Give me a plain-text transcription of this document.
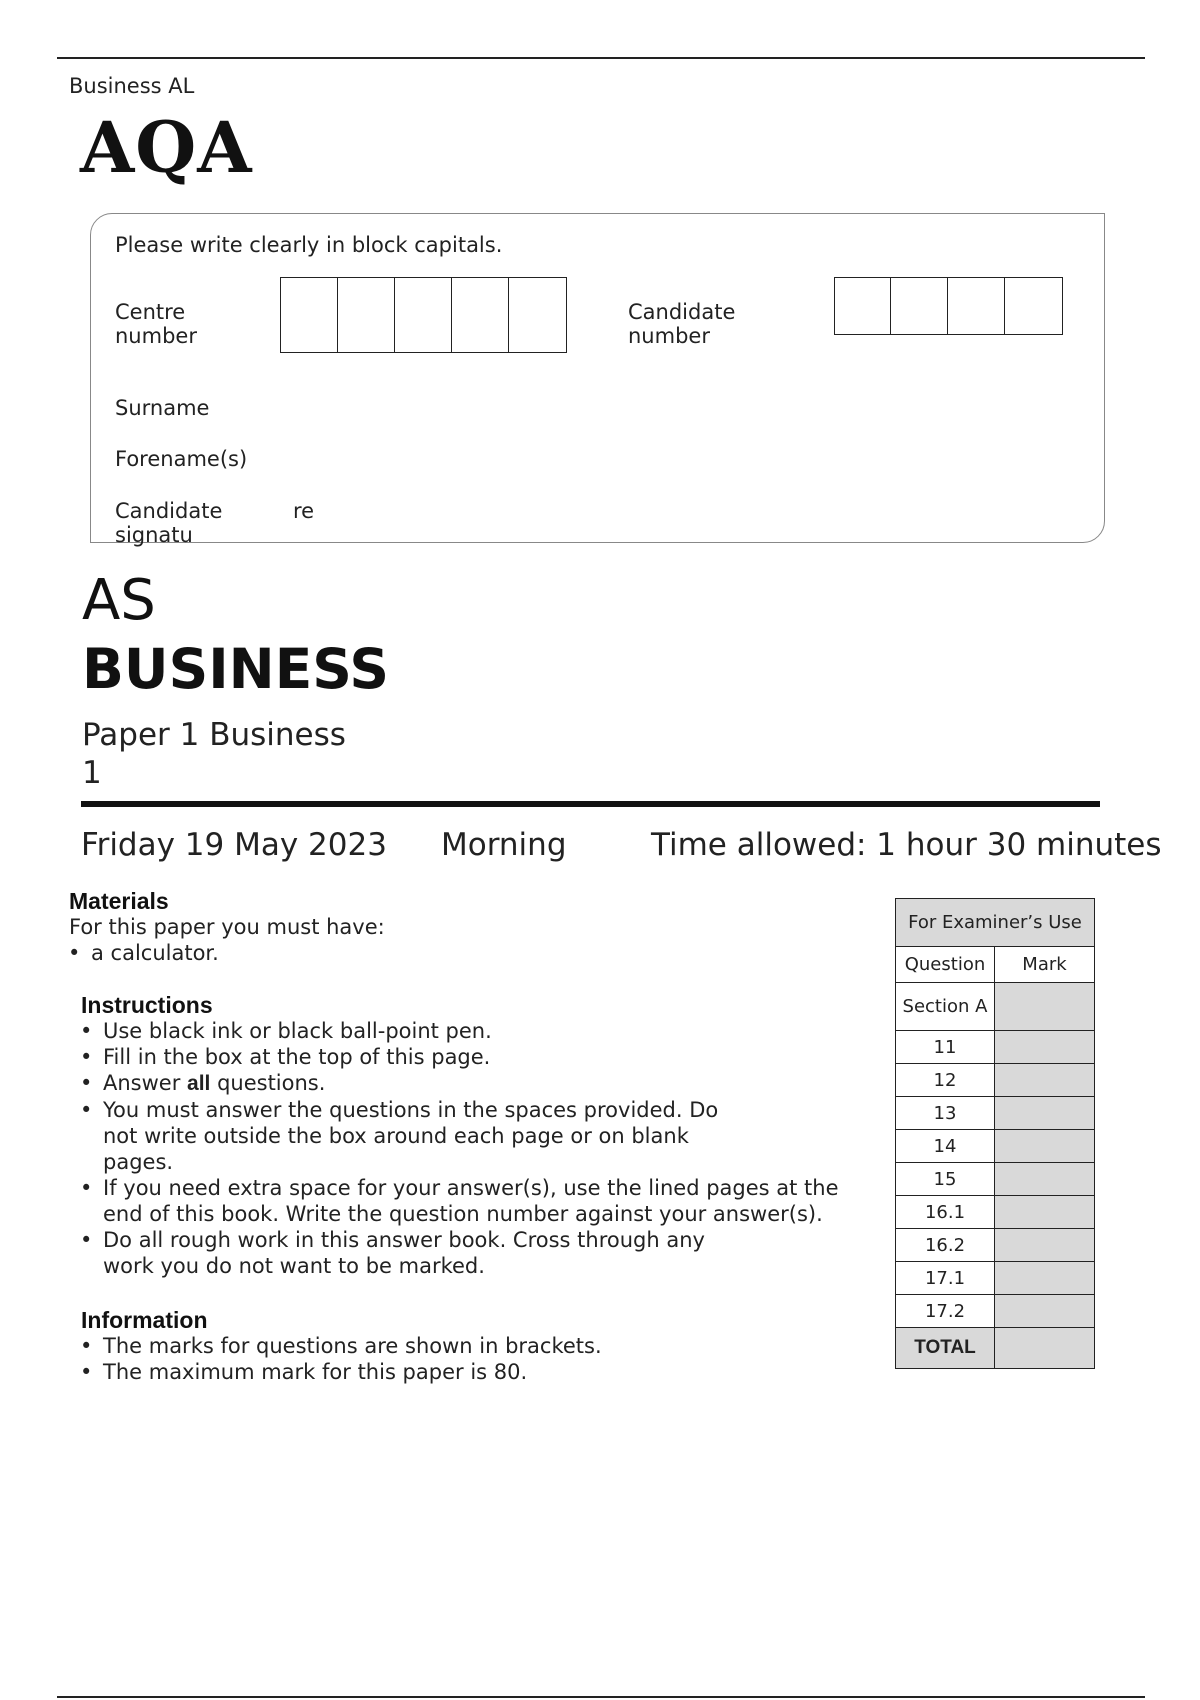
Business AL
AQA
Please write clearly in block capitals.
Centre
number
Candidate
number
Surname
Forename(s)
Candidate
signatu
re
AS
BUSINESS
Paper 1 Business
1
Friday 19 May 2023 Morning	Time allowed: 1 hour 30 minutes
Materials
For this paper you must have:
• a calculator.
Instructions
• Use black ink or black ball-point pen.
• Fill in the box at the top of this page.
• Answer all questions.
• You must answer the questions in the spaces provided. Do not write outside the box around each page or on blank pages.
• If you need extra space for your answer(s), use the lined pages at the end of this book. Write the question number against your answer(s).
• Do all rough work in this answer book. Cross through any work you do not want to be marked.
Information
• The marks for questions are shown in brackets.
• The maximum mark for this paper is 80.
For Examiner’s Use	
Question	Mark
Section A	
11	
12	
13	
14	
15	
16.1	
16.2	
17.1	
17.2	
TOTAL	
